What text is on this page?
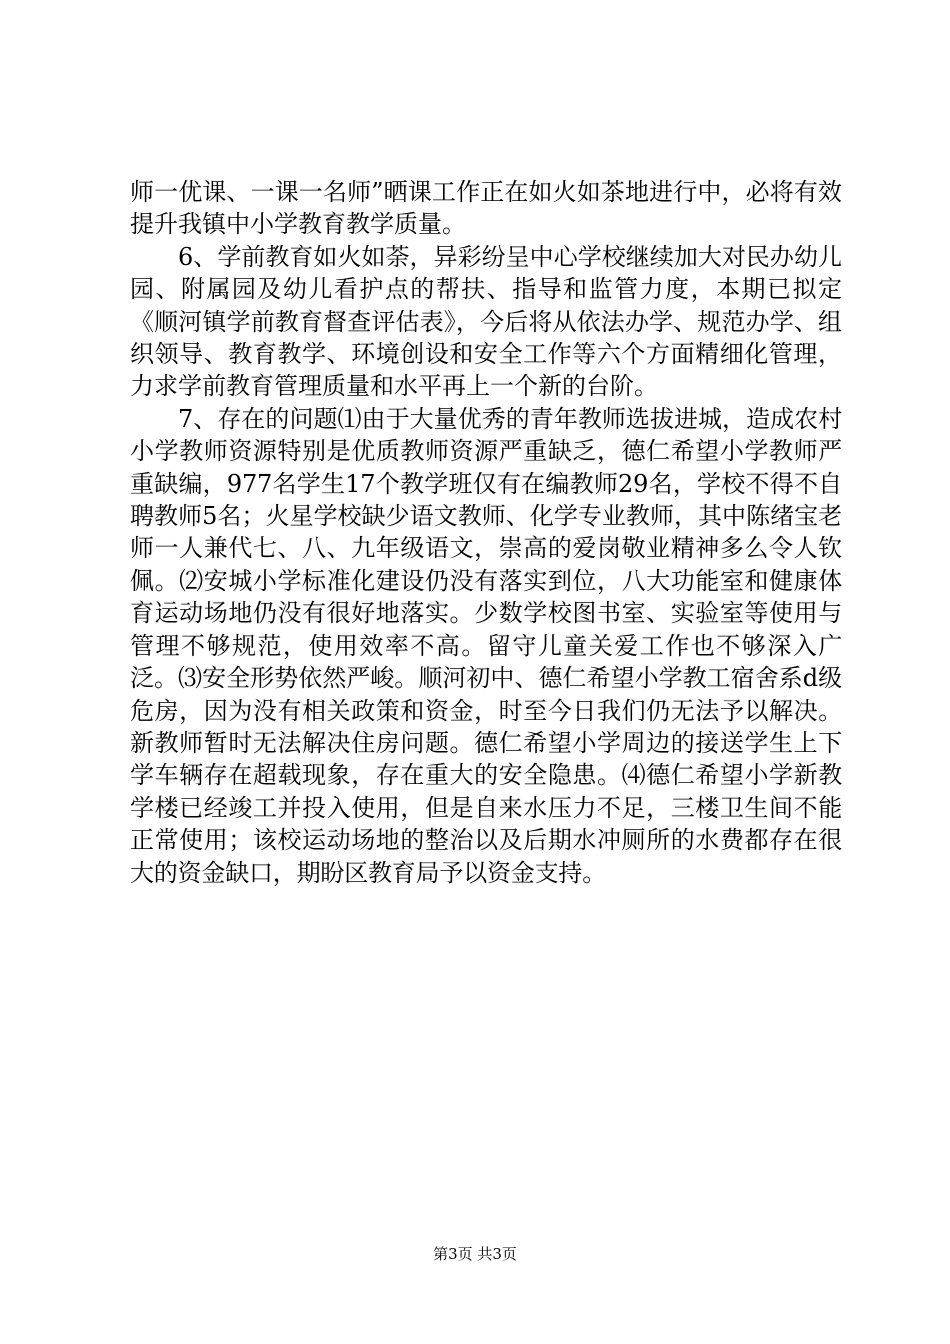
师一优课、一课一名师”晒课工作正在如火如茶地进行中，必将有效提升我镇中小学教育教学质量。

6、学前教育如火如荼，异彩纷呈中心学校继续加大对民办幼儿园、附属园及幼儿看护点的帮扶、指导和监管力度，本期已拟定《顺河镇学前教育督查评估表》，今后将从依法办学、规范办学、组织领导、教育教学、环境创设和安全工作等六个方面精细化管理，力求学前教育管理质量和水平再上一个新的台阶。

7、存在的问题⑴由于大量优秀的青年教师选拔进城，造成农村小学教师资源特别是优质教师资源严重缺乏，德仁希望小学教师严重缺编，977名学生17个教学班仅有在编教师29名，学校不得不自聘教师5名；火星学校缺少语文教师、化学专业教师，其中陈绪宝老师一人兼代七、八、九年级语文，崇高的爱岗敬业精神多么令人钦佩。⑵安城小学标准化建设仍没有落实到位，八大功能室和健康体育运动场地仍没有很好地落实。少数学校图书室、实验室等使用与管理不够规范，使用效率不高。留守儿童关爱工作也不够深入广泛。⑶安全形势依然严峻。顺河初中、德仁希望小学教工宿舍系d级危房，因为没有相关政策和资金，时至今日我们仍无法予以解决。新教师暂时无法解决住房问题。德仁希望小学周边的接送学生上下学车辆存在超载现象，存在重大的安全隐患。⑷德仁希望小学新教学楼已经竣工并投入使用，但是自来水压力不足，三楼卫生间不能正常使用；该校运动场地的整治以及后期水冲厕所的水费都存在很大的资金缺口，期盼区教育局予以资金支持。

第3页 共3页
